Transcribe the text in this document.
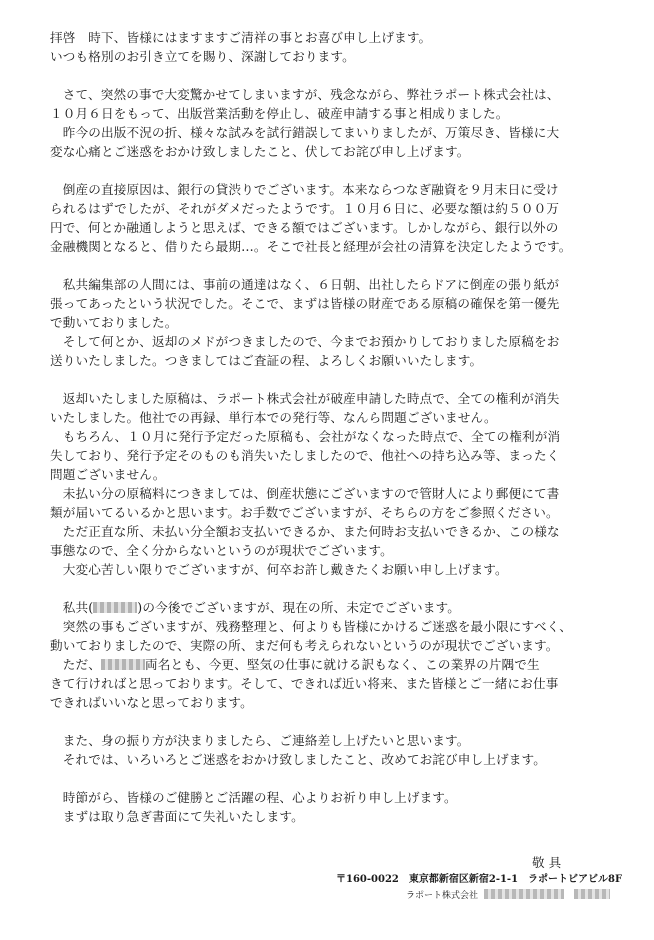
拝啓　時下、皆様にはますますご清祥の事とお喜び申し上げます。
いつも格別のお引き立てを賜り、深謝しております。
　さて、突然の事で大変驚かせてしまいますが、残念ながら、弊社ラポート株式会社は、
１０月６日をもって、出版営業活動を停止し、破産申請する事と相成りました。
　昨今の出版不況の折、様々な試みを試行錯誤してまいりましたが、万策尽き、皆様に大
変な心痛とご迷惑をおかけ致しましたこと、伏してお詫び申し上げます。
　倒産の直接原因は、銀行の貸渋りでございます。本来ならつなぎ融資を９月末日に受け
られるはずでしたが、それがダメだったようです。１０月６日に、必要な額は約５００万
円で、何とか融通しようと思えば、できる額ではございます。しかしながら、銀行以外の
金融機関となると、借りたら最期…。そこで社長と経理が会社の清算を決定したようです。
　私共編集部の人間には、事前の通達はなく、６日朝、出社したらドアに倒産の張り紙が
張ってあったという状況でした。そこで、まずは皆様の財産である原稿の確保を第一優先
で動いておりました。
　そして何とか、返却のメドがつきましたので、今までお預かりしておりました原稿をお
送りいたしました。つきましてはご査証の程、よろしくお願いいたします。
　返却いたしました原稿は、ラポート株式会社が破産申請した時点で、全ての権利が消失
いたしました。他社での再録、単行本での発行等、なんら問題ございません。
　もちろん、１０月に発行予定だった原稿も、会社がなくなった時点で、全ての権利が消
失しており、発行予定そのものも消失いたしましたので、他社への持ち込み等、まったく
問題ございません。
　未払い分の原稿料につきましては、倒産状態にございますので管財人により郵便にて書
類が届いてるいるかと思います。お手数でございますが、そちらの方をご参照ください。
　ただ正直な所、未払い分全額お支払いできるか、また何時お支払いできるか、この様な
事態なので、全く分からないというのが現状でございます。
　大変心苦しい限りでございますが、何卒お許し戴きたくお願い申し上げます。
　私共(	)の今後でございますが、現在の所、未定でございます。
　突然の事もございますが、残務整理と、何よりも皆様にかけるご迷惑を最小限にすべく、
動いておりましたので、実際の所、まだ何も考えられないというのが現状でございます。
　ただ、	両名とも、今更、堅気の仕事に就ける訳もなく、この業界の片隅で生
きて行ければと思っております。そして、できれば近い将来、また皆様とご一緒にお仕事
できればいいなと思っております。
　また、身の振り方が決まりましたら、ご連絡差し上げたいと思います。
　それでは、いろいろとご迷惑をおかけ致しましたこと、改めてお詫び申し上げます。
　時節がら、皆様のご健勝とご活躍の程、心よりお祈り申し上げます。
　まずは取り急ぎ書面にて失礼いたします。
敬具
〒160-0022　東京都新宿区新宿2-1-1　ラポートビアビル8F
ラポート株式会社
